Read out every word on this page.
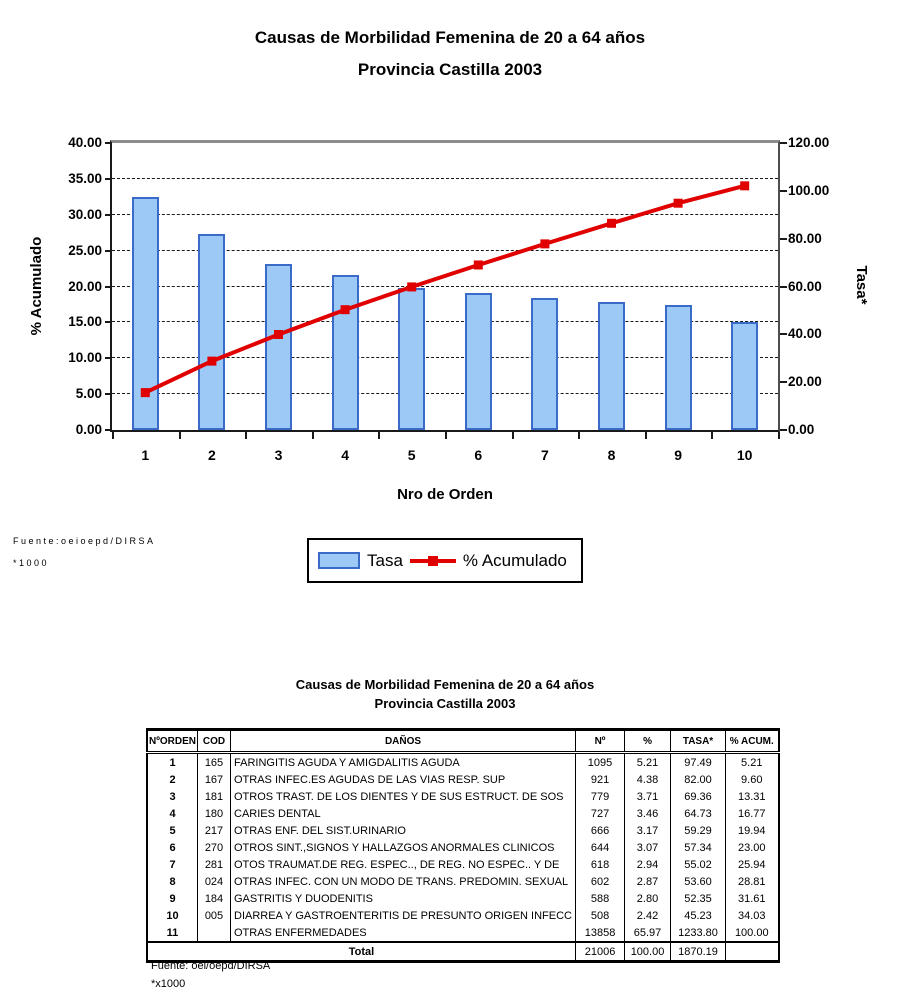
Causas de Morbilidad Femenina de 20 a 64 años
Provincia Castilla 2003
% Acumulado	Tasa*
Nro de Orden
Fuente:oeioepd/DIRSA
*1000	Tasa	% Acumulado
Causas de Morbilidad Femenina de 20 a 64 años
Provincia Castilla 2003
NºORDEN	COD	DAÑOS	Nº	%	TASA*	% ACUM.
1	165	FARINGITIS AGUDA Y AMIGDALITIS AGUDA	1095	5.21	97.49	5.21
2	167	OTRAS INFEC.ES AGUDAS DE LAS VIAS RESP. SUP	921	4.38	82.00	9.60
3	181	OTROS TRAST. DE LOS DIENTES Y DE SUS ESTRUCT. DE SOS	779	3.71	69.36	13.31
4	180	CARIES DENTAL	727	3.46	64.73	16.77
5	217	OTRAS ENF. DEL SIST.URINARIO	666	3.17	59.29	19.94
6	270	OTROS SINT.,SIGNOS Y HALLAZGOS ANORMALES CLINICOS	644	3.07	57.34	23.00
7	281	OTOS TRAUMAT.DE REG. ESPEC.., DE REG. NO ESPEC.. Y DE	618	2.94	55.02	25.94
8	024	OTRAS INFEC. CON UN MODO DE TRANS. PREDOMIN. SEXUAL	602	2.87	53.60	28.81
9	184	GASTRITIS Y DUODENITIS	588	2.80	52.35	31.61
10	005	DIARREA Y GASTROENTERITIS DE PRESUNTO ORIGEN INFECC	508	2.42	45.23	34.03
11		OTRAS ENFERMEDADES	13858	65.97	1233.80	100.00
Total			21006	100.00	1870.19	
Fuente: oei/oepd/DIRSA
*x1000
0.00
5.00
10.00
15.00
20.00
25.00
30.00
35.00
40.00
0.00
20.00
40.00
60.00
80.00
100.00
120.00
1	2	3	4	5	6	7	8	9	10
